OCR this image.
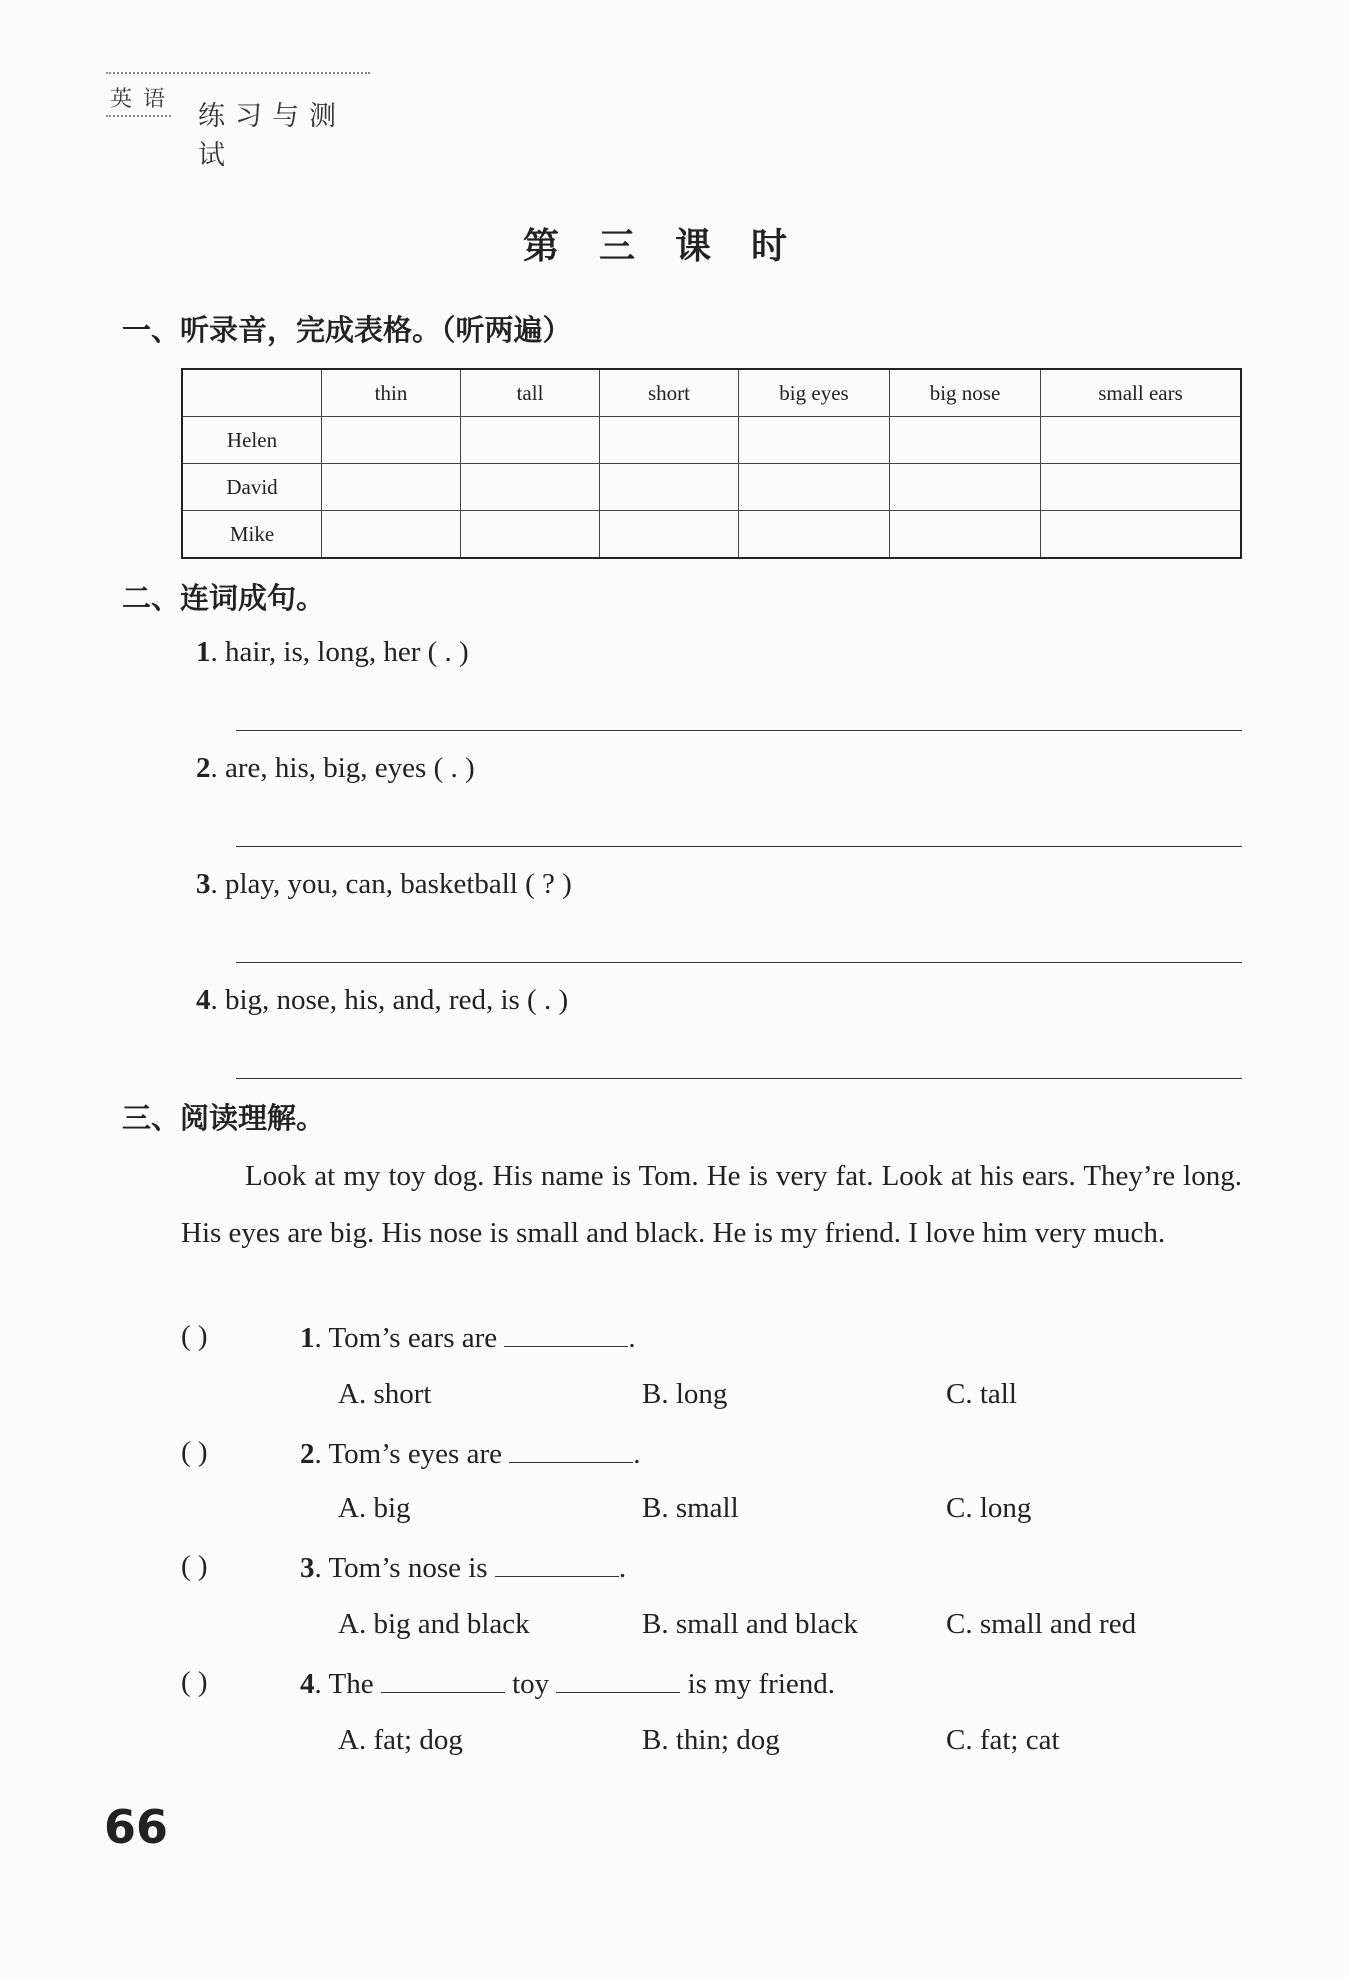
英 语
练习与测试
第三课时
一、听录音，完成表格。（听两遍）
	thin	tall	short	big eyes	big nose	small ears
Helen						
David						
Mike						
二、连词成句。
1. hair, is, long, her ( . )
2. are, his, big, eyes ( . )
3. play, you, can, basketball ( ? )
4. big, nose, his, and, red, is ( . )
三、阅读理解。
Look at my toy dog. His name is Tom. He is very fat. Look at his ears. They’re long. His eyes are big. His nose is small and black. He is my friend. I love him very much.
( )	1. Tom’s ears are	.
A. short	B. long	C. tall
( )	2. Tom’s eyes are	.
A. big	B. small	C. long
( )	3. Tom’s nose is	.
A. big and black	B. small and black	C. small and red
( )	4. The	toy	is my friend.
A. fat; dog	B. thin; dog	C. fat; cat
66
